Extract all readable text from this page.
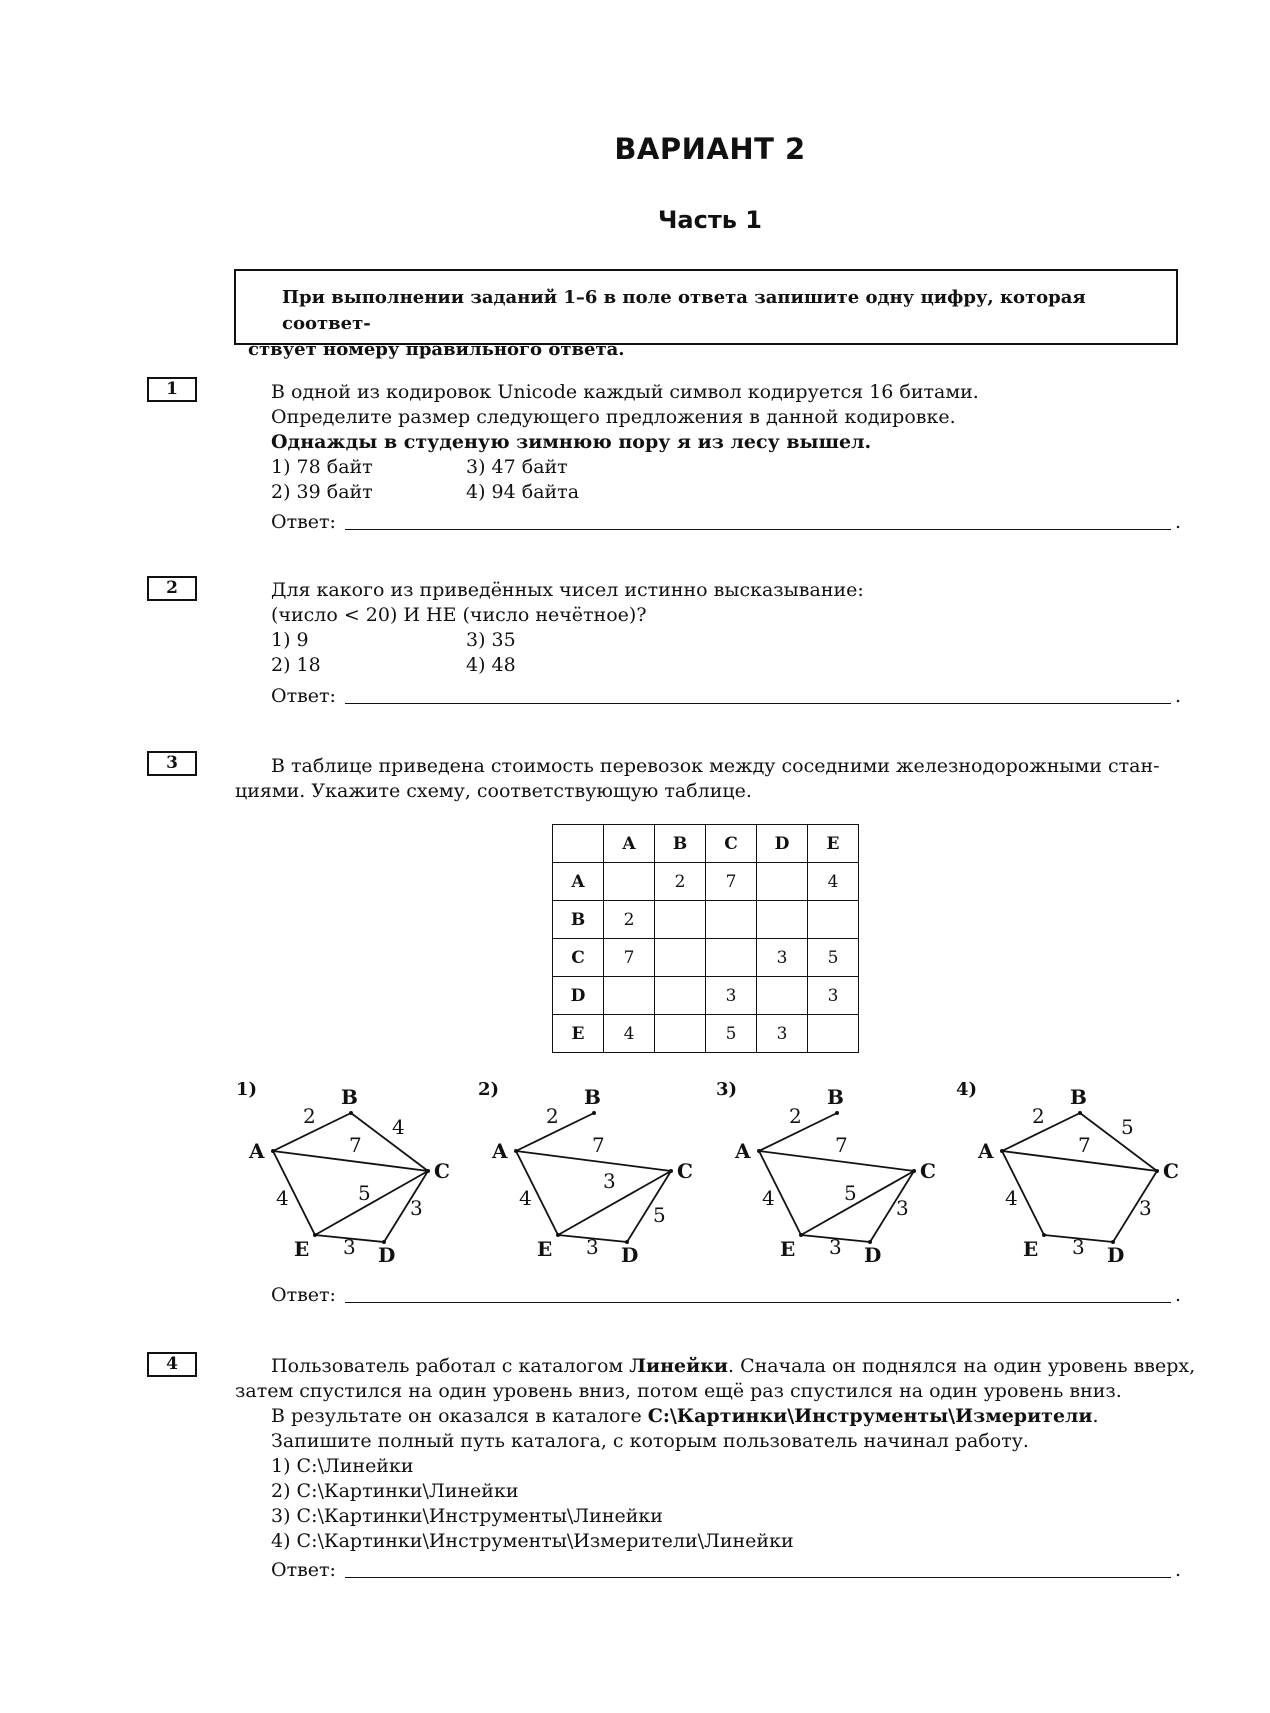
ВАРИАНТ 2
Часть 1
При выполнении заданий 1–6 в поле ответа запишите одну цифру, которая соответ-
ствует номеру правильного ответа.
1	В одной из кодировок Unicode каждый символ кодируется 16 битами.
Определите размер следующего предложения в данной кодировке.
Однажды в студеную зимнюю пору я из лесу вышел.
1) 78 байт
2) 39 байт
3) 47 байт
4) 94 байта
Ответ:	.
2	Для какого из приведённых чисел истинно высказывание:
(число < 20) И НЕ (число нечётное)?
1) 9
2) 18
3) 35
4) 48
Ответ:	.
3	В таблице приведена стоимость перевозок между соседними железнодорожными стан-
циями. Укажите схему, соответствующую таблице.
	A	B	C	D	E
A		2	7		4
B	2				
C	7			3	5
D			3		3
E	4		5	3	
2	4
7
4	5
3
3
A
B
C
D
E
1)
2
7
4
3
5
3
A
B
C
D
E
2)
2
7
4	5
3
3
A
B
C
D
E
3)
2	5
7
4	3
3
A
B
C
D
E
4)
Ответ:	.
4	Пользователь работал с каталогом Линейки. Сначала он поднялся на один уровень вверх,
затем спустился на один уровень вниз, потом ещё раз спустился на один уровень вниз.
В результате он оказался в каталоге С:\Картинки\Инструменты\Измерители.
Запишите полный путь каталога, с которым пользователь начинал работу.
1) С:\Линейки
2) С:\Картинки\Линейки
3) С:\Картинки\Инструменты\Линейки
4) С:\Картинки\Инструменты\Измерители\Линейки
Ответ:	.
